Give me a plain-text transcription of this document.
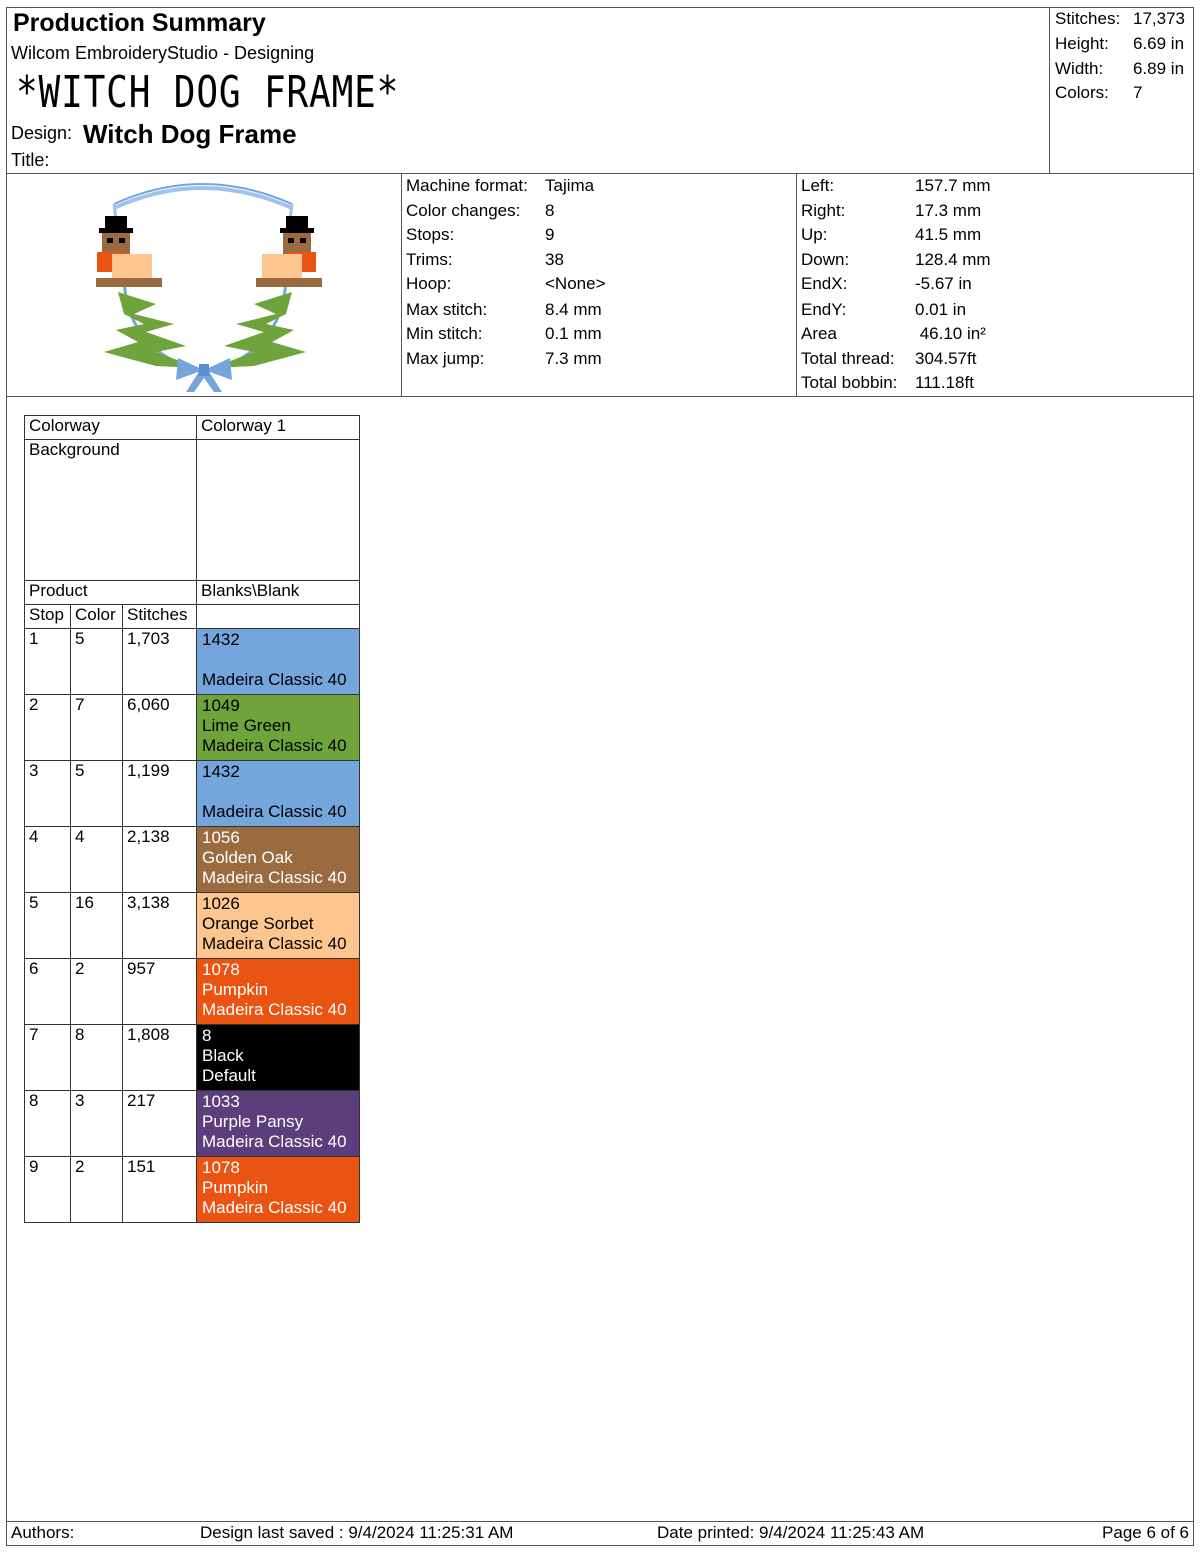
Production Summary
Wilcom EmbroideryStudio - Designing
*WITCH DOG FRAME*
Design: Witch Dog Frame
Title:
Stitches: 17,373
Height: 6.69 in
Width: 6.89 in
Colors: 7
Machine format: Tajima
Color changes: 8
Stops:	9
Trims:	38
Hoop:	<None>
Max stitch:	8.4 mm
Min stitch:	0.1 mm
Max jump:	7.3 mm
Left:	157.7 mm
Right:	17.3 mm
Up:	41.5 mm
Down:	128.4 mm
EndX:	-5.67 in
EndY:	0.01 in
Area	46.10 in²
Total thread: 304.57ft
Total bobbin: 111.18ft
Colorway			Colorway 1
Background			
Product			Blanks\Blank
Stop	Color	Stitches	
1	5	1,703	1432
Madeira Classic 40

2	7	6,060	1049
Lime Green
Madeira Classic 40

3	5	1,199	1432
Madeira Classic 40

4	4	2,138	1056
Golden Oak
Madeira Classic 40

5	16	3,138	1026
Orange Sorbet
Madeira Classic 40

6	2	957	1078
Pumpkin
Madeira Classic 40

7	8	1,808	8
Black
Default

8	3	217	1033
Purple Pansy
Madeira Classic 40

9	2	151	1078
Pumpkin
Madeira Classic 40
Authors:	Design last saved : 9/4/2024 11:25:31 AM	Date printed: 9/4/2024 11:25:43 AM	Page 6 of 6
